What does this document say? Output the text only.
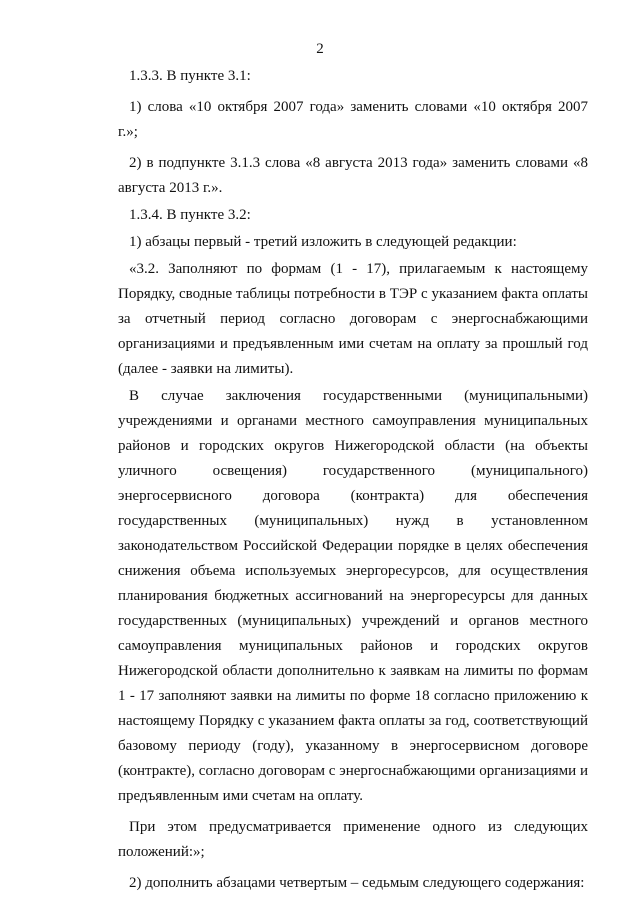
2

1.3.3. В пункте 3.1:

1) слова «10 октября 2007 года» заменить словами «10 октября 2007 г.»;

2) в подпункте 3.1.3 слова «8 августа 2013 года» заменить словами «8 августа 2013 г.».

1.3.4. В пункте 3.2:

1) абзацы первый - третий изложить в следующей редакции:

«3.2. Заполняют по формам (1 - 17), прилагаемым к настоящему Порядку, сводные таблицы потребности в ТЭР с указанием факта оплаты за отчетный период согласно договорам с энергоснабжающими организациями и предъявленным ими счетам на оплату за прошлый год (далее - заявки на лимиты).

В случае заключения государственными (муниципальными) учреждениями и органами местного самоуправления муниципальных районов и городских округов Нижегородской области (на объекты уличного освещения) государственного (муниципального) энергосервисного договора (контракта) для обеспечения государственных (муниципальных) нужд в установленном законодательством Российской Федерации порядке в целях обеспечения снижения объема используемых энергоресурсов, для осуществления планирования бюджетных ассигнований на энергоресурсы для данных государственных (муниципальных) учреждений и органов местного самоуправления муниципальных районов и городских округов Нижегородской области дополнительно к заявкам на лимиты по формам 1 - 17 заполняют заявки на лимиты по форме 18 согласно приложению к настоящему Порядку с указанием факта оплаты за год, соответствующий базовому периоду (году), указанному в энергосервисном договоре (контракте), согласно договорам с энергоснабжающими организациями и предъявленным ими счетам на оплату.

При этом предусматривается применение одного из следующих положений:»;

2) дополнить абзацами четвертым – седьмым следующего содержания:
